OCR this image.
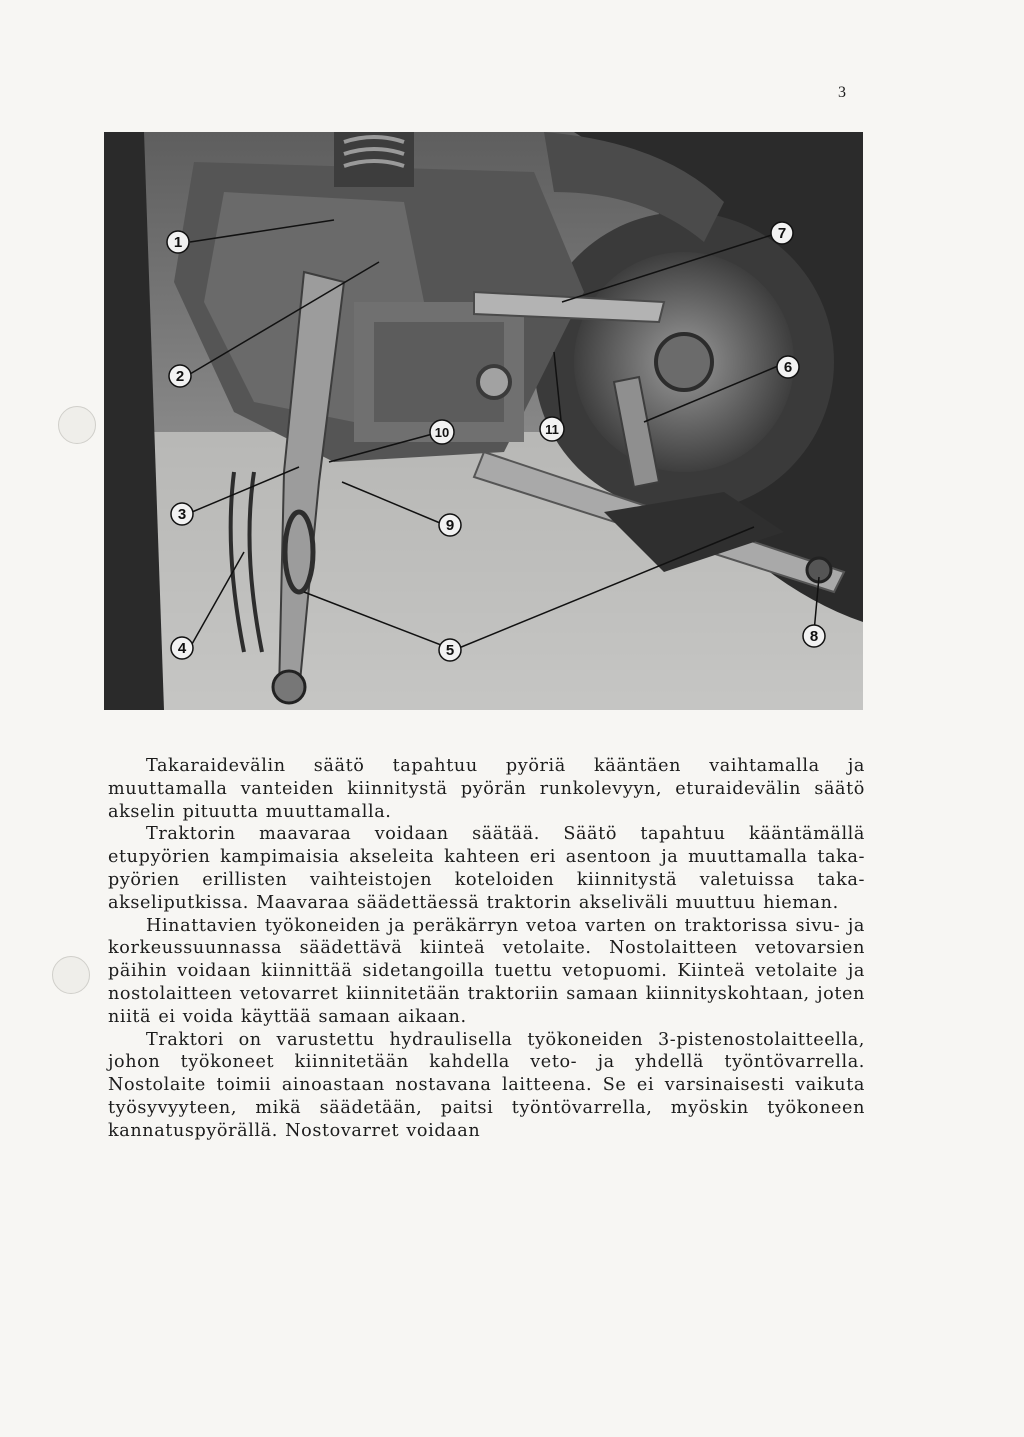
3
1
2
3
4	5
6
7
8
9
10	11

Takaraidevälin säätö tapahtuu pyöriä kääntäen vaihtamalla ja muuttamalla vanteiden kiinnitystä pyörän runkolevyyn, eturaidevälin säätö akselin pituutta muuttamalla.

Traktorin maavaraa voidaan säätää. Säätö tapahtuu kääntämällä etupyörien kampimaisia akseleita kahteen eri asentoon ja muuttamalla taka-pyörien erillisten vaihteistojen koteloiden kiinnitystä valetuissa taka-akseliputkissa. Maavaraa säädettäessä traktorin akseliväli muuttuu hieman.

Hinattavien työkoneiden ja peräkärryn vetoa varten on traktorissa sivu- ja korkeussuunnassa säädettävä kiinteä vetolaite. Nostolaitteen vetovarsien päihin voidaan kiinnittää sidetangoilla tuettu vetopuomi. Kiinteä vetolaite ja nostolaitteen vetovarret kiinnitetään traktoriin samaan kiinnityskohtaan, joten niitä ei voida käyttää samaan aikaan.

Traktori on varustettu hydraulisella työkoneiden 3-pistenostolaitteella, johon työkoneet kiinnitetään kahdella veto- ja yhdellä työntövarrella. Nostolaite toimii ainoastaan nostavana laitteena. Se ei varsinaisesti vaikuta työsyvyyteen, mikä säädetään, paitsi työntövarrella, myöskin työkoneen kannatuspyörällä. Nostovarret voidaan
